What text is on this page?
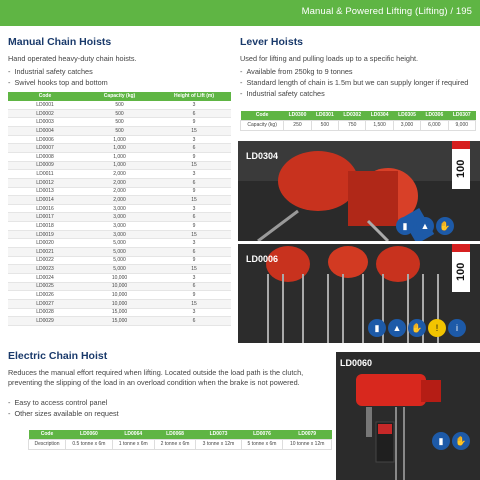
Manual & Powered Lifting (Lifting) / 195
Manual Chain Hoists
Hand operated heavy-duty chain hoists.
- Industrial safety catches
- Swivel hooks top and bottom
Code	Capacity (kg)	Height of Lift (m)
LD0001	500	3
LD0002	500	6
LD0003	500	9
LD0004	500	15
LD0006	1,000	3
LD0007	1,000	6
LD0008	1,000	9
LD0009	1,000	15
LD0011	2,000	3
LD0012	2,000	6
LD0013	2,000	9
LD0014	2,000	15
LD0016	3,000	3
LD0017	3,000	6
LD0018	3,000	9
LD0019	3,000	15
LD0020	5,000	3
LD0021	5,000	6
LD0022	5,000	9
LD0023	5,000	15
LD0024	10,000	3
LD0025	10,000	6
LD0026	10,000	9
LD0027	10,000	15
LD0028	15,000	3
LD0029	15,000	6
Lever Hoists
Used for lifting and pulling loads up to a specific height.
- Available from 250kg to 9 tonnes
- Standard length of chain is 1.5m but we can supply longer if required
- Industrial safety catches
Code	LD0300	LD0301	LD0302	LD0304	LD0305	LD0306	LD0307
Capacity (kg)	250	500	750	1,500	3,000	6,000	9,000
LD0304
100
▮	▲	✋
LD0006
100
▮	▲	✋	!	i
Electric Chain Hoist
Reduces the manual effort required when lifting. Located outside the load path is the clutch, preventing the slipping of the load in an overload condition when the brake is not powered.
- Easy to access control panel
- Other sizes available on request
Code	LD0060	LD0064	LD0068	LD0073	LD0076	LD0079
Description	0.5 tonne x 6m	1 tonne x 6m	2 tonne x 6m	3 tonne x 12m	5 tonne x 6m	10 tonne x 12m
LD0060
▮	✋
